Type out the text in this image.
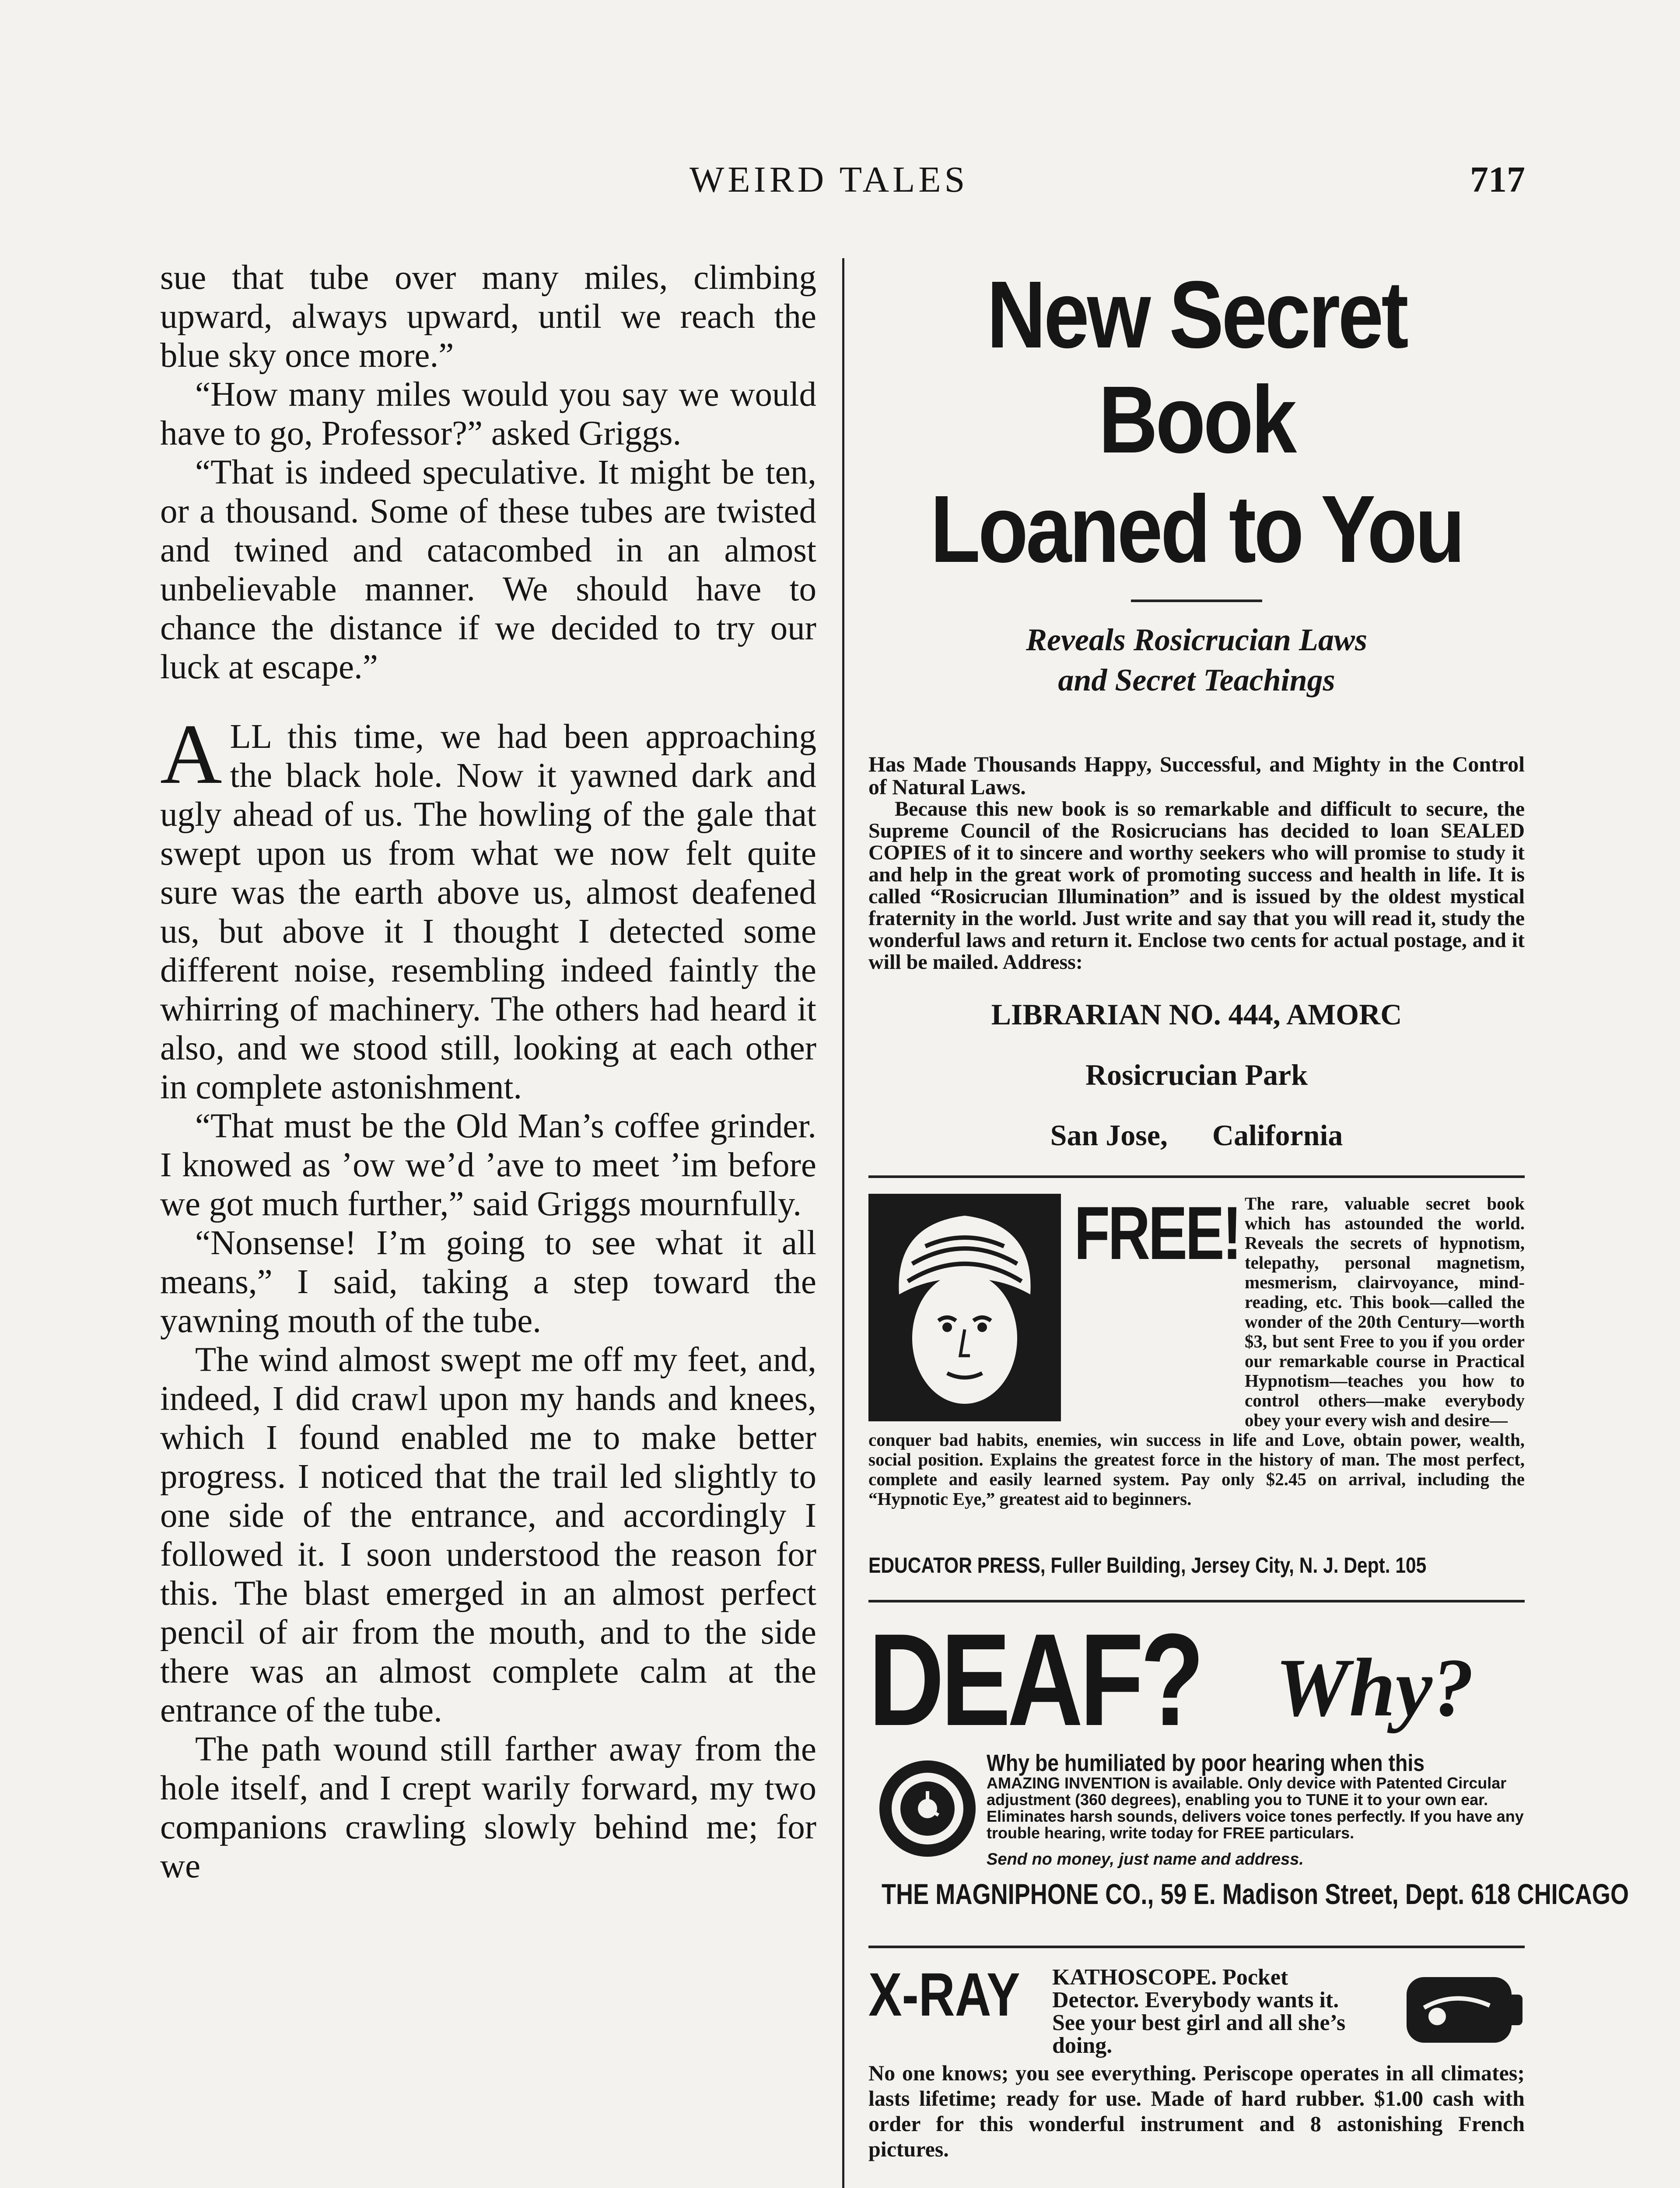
WEIRD TALES	717

sue that tube over many miles, climbing upward, always upward, until we reach the blue sky once more.”

“How many miles would you say we would have to go, Professor?” asked Griggs.

“That is indeed speculative. It might be ten, or a thousand. Some of these tubes are twisted and twined and catacombed in an almost unbelievable manner. We should have to chance the distance if we decided to try our luck at escape.”

ALL this time, we had been approaching the black hole. Now it yawned dark and ugly ahead of us. The howling of the gale that swept upon us from what we now felt quite sure was the earth above us, almost deafened us, but above it I thought I detected some different noise, resembling indeed faintly the whirring of machinery. The others had heard it also, and we stood still, looking at each other in complete astonishment.

“That must be the Old Man’s coffee grinder. I knowed as ’ow we’d ’ave to meet ’im before we got much further,” said Griggs mournfully.

“Nonsense! I’m going to see what it all means,” I said, taking a step toward the yawning mouth of the tube.

The wind almost swept me off my feet, and, indeed, I did crawl upon my hands and knees, which I found enabled me to make better progress. I noticed that the trail led slightly to one side of the entrance, and accordingly I followed it. I soon understood the reason for this. The blast emerged in an almost perfect pencil of air from the mouth, and to the side there was an almost complete calm at the entrance of the tube.

The path wound still farther away from the hole itself, and I crept warily forward, my two companions crawling slowly behind me; for we

New Secret Book
Loaned to You
Reveals Rosicrucian Laws
and Secret Teachings
Has Made Thousands Happy, Successful, and Mighty in the Control of Natural Laws.
Because this new book is so remarkable and difficult to secure, the Supreme Council of the Rosicrucians has decided to loan SEALED COPIES of it to sincere and worthy seekers who will promise to study it and help in the great work of promoting success and health in life. It is called “Rosicrucian Illumination” and is issued by the oldest mystical fraternity in the world. Just write and say that you will read it, study the wonderful laws and return it. Enclose two cents for actual postage, and it will be mailed. Address:
LIBRARIAN NO. 444, AMORC
Rosicrucian Park
San Jose,      California
FREE! The rare, valuable secret book which has astounded the world. Reveals the secrets of hypnotism, telepathy, personal magnetism, mesmerism, clairvoyance, mind-reading, etc. This book—called the wonder of the 20th Century—worth $3, but sent Free to you if you order our remarkable course in Practical Hypnotism—teaches you how to control others—make everybody obey your every wish and desire—
conquer bad habits, enemies, win success in life and Love, obtain power, wealth, social position. Explains the greatest force in the history of man. The most perfect, complete and easily learned system. Pay only $2.45 on arrival, including the “Hypnotic Eye,” greatest aid to beginners.
EDUCATOR PRESS, Fuller Building, Jersey City, N. J. Dept. 105
DEAF? Why?
Why be humiliated by poor hearing when this
AMAZING INVENTION is available. Only device with Patented Circular adjustment (360 degrees), enabling you to TUNE it to your own ear. Eliminates harsh sounds, delivers voice tones perfectly. If you have any trouble hearing, write today for FREE particulars.
Send no money, just name and address.
THE MAGNIPHONE CO., 59 E. Madison Street, Dept. 618 CHICAGO
X-RAY KATHOSCOPE. Pocket Detector. Everybody wants it. See your best girl and all she’s doing.
No one knows; you see everything. Periscope operates in all climates; lasts lifetime; ready for use. Made of hard rubber. $1.00 cash with order for this wonderful instrument and 8 astonishing French pictures.
